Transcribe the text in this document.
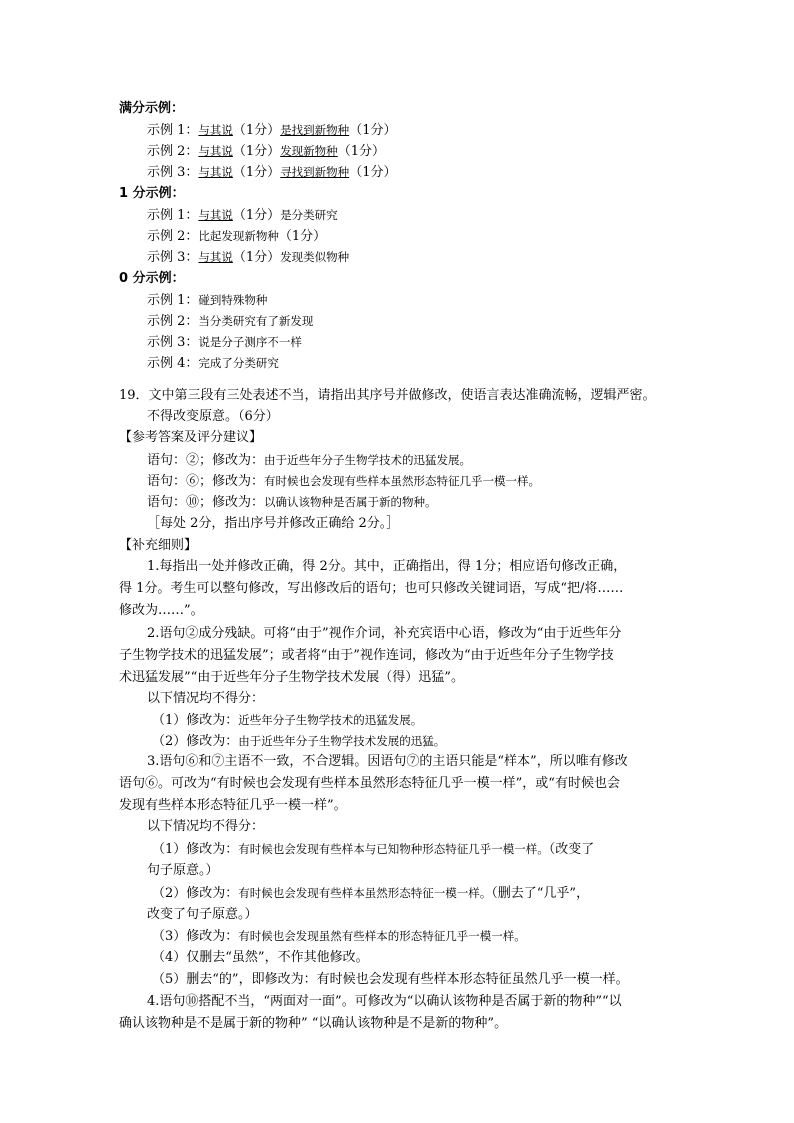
满分示例：
示例 1：与其说（1分）是找到新物种（1分）
示例 2：与其说（1分）发现新物种（1分）
示例 3：与其说（1分）寻找到新物种（1分）
1 分示例：
示例 1：与其说（1分）是分类研究
示例 2：比起发现新物种（1分）
示例 3：与其说（1分）发现类似物种
0 分示例：
示例 1：碰到特殊物种
示例 2：当分类研究有了新发现
示例 3：说是分子测序不一样
示例 4：完成了分类研究
19．文中第三段有三处表述不当，请指出其序号并做修改，使语言表达准确流畅，逻辑严密。
不得改变原意。（6分）
【参考答案及评分建议】
语句：②；修改为：由于近些年分子生物学技术的迅猛发展。
语句：⑥；修改为：有时候也会发现有些样本虽然形态特征几乎一模一样。
语句：⑩；修改为：以确认该物种是否属于新的物种。
［每处 2分，指出序号并修改正确给 2分。］
【补充细则】
1.每指出一处并修改正确，得 2分。其中，正确指出，得 1分；相应语句修改正确，
得 1分。考生可以整句修改，写出修改后的语句；也可只修改关键词语，写成“把/将……
修改为……”。
2.语句②成分残缺。可将“由于”视作介词，补充宾语中心语，修改为“由于近些年分
子生物学技术的迅猛发展”；或者将“由于”视作连词，修改为“由于近些年分子生物学技
术迅猛发展”“由于近些年分子生物学技术发展（得）迅猛”。
以下情况均不得分：
（1）修改为：近些年分子生物学技术的迅猛发展。
（2）修改为：由于近些年分子生物学技术发展的迅猛。
3.语句⑥和⑦主语不一致，不合逻辑。因语句⑦的主语只能是“样本”，所以唯有修改
语句⑥。可改为“有时候也会发现有些样本虽然形态特征几乎一模一样”，或“有时候也会
发现有些样本形态特征几乎一模一样”。
以下情况均不得分：
（1）修改为：有时候也会发现有些样本与已知物种形态特征几乎一模一样。（改变了
句子原意。）
（2）修改为：有时候也会发现有些样本虽然形态特征一模一样。（删去了“几乎”，
改变了句子原意。）
（3）修改为：有时候也会发现虽然有些样本的形态特征几乎一模一样。
（4）仅删去“虽然”，不作其他修改。
（5）删去“的”，即修改为：有时候也会发现有些样本形态特征虽然几乎一模一样。
4.语句⑩搭配不当，“两面对一面”。可修改为“以确认该物种是否属于新的物种”“以
确认该物种是不是属于新的物种” “以确认该物种是不是新的物种”。
